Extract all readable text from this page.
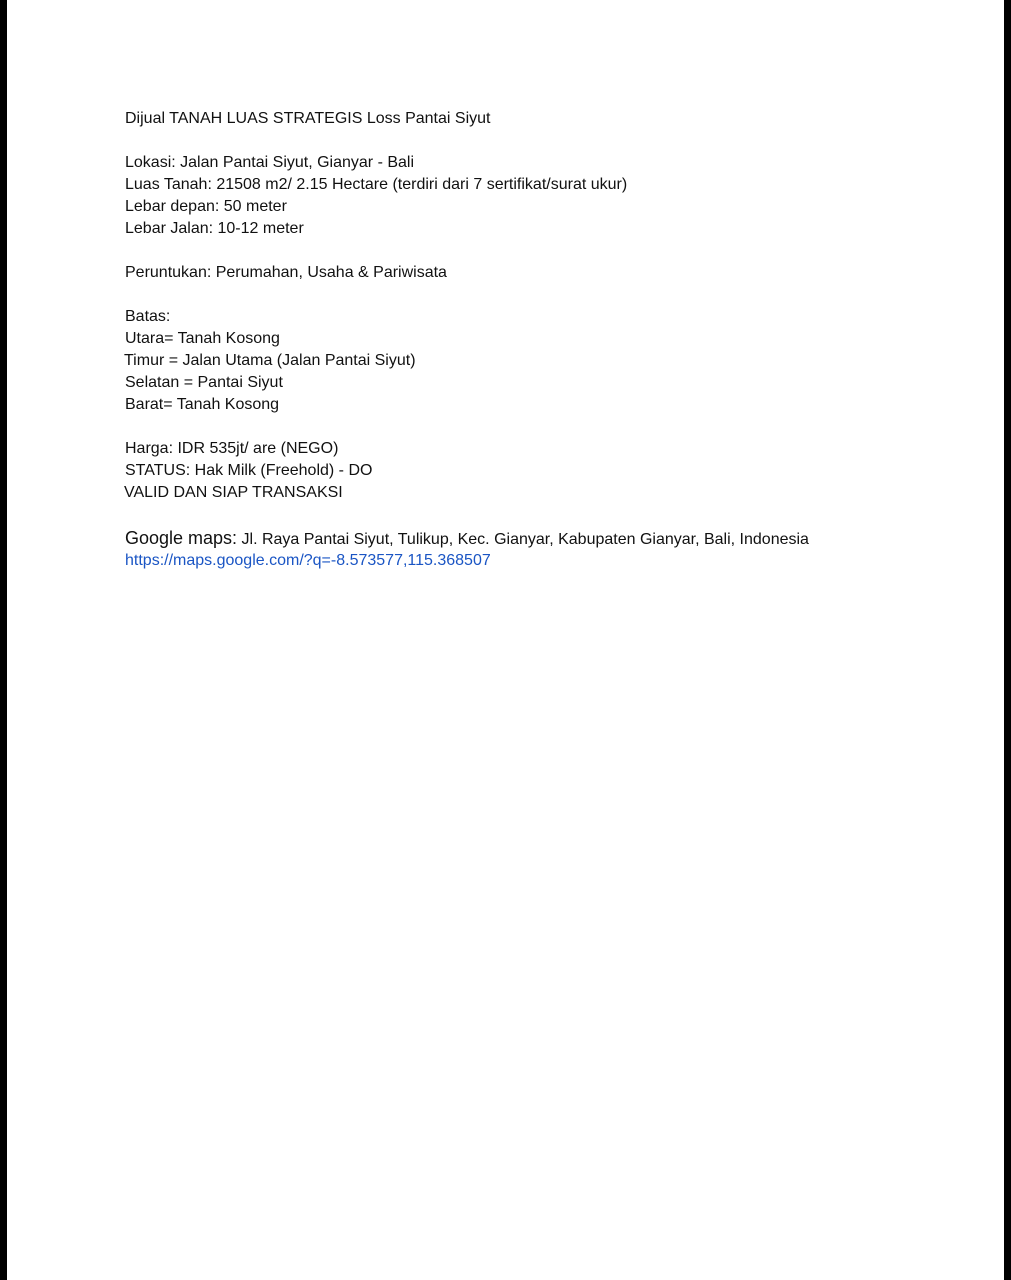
Dijual TANAH LUAS STRATEGIS Loss Pantai Siyut
Lokasi: Jalan Pantai Siyut, Gianyar - Bali
Luas Tanah: 21508 m2/ 2.15 Hectare (terdiri dari 7 sertifikat/surat ukur)
Lebar depan: 50 meter
Lebar Jalan: 10-12 meter
Peruntukan: Perumahan, Usaha & Pariwisata
Batas:
Utara= Tanah Kosong
Timur = Jalan Utama (Jalan Pantai Siyut)
Selatan = Pantai Siyut
Barat= Tanah Kosong
Harga: IDR 535jt/ are (NEGO)
STATUS: Hak Milk (Freehold) - DO
VALID DAN SIAP TRANSAKSI
Google maps: Jl. Raya Pantai Siyut, Tulikup, Kec. Gianyar, Kabupaten Gianyar, Bali, Indonesia
https://maps.google.com/?q=-8.573577,115.368507
